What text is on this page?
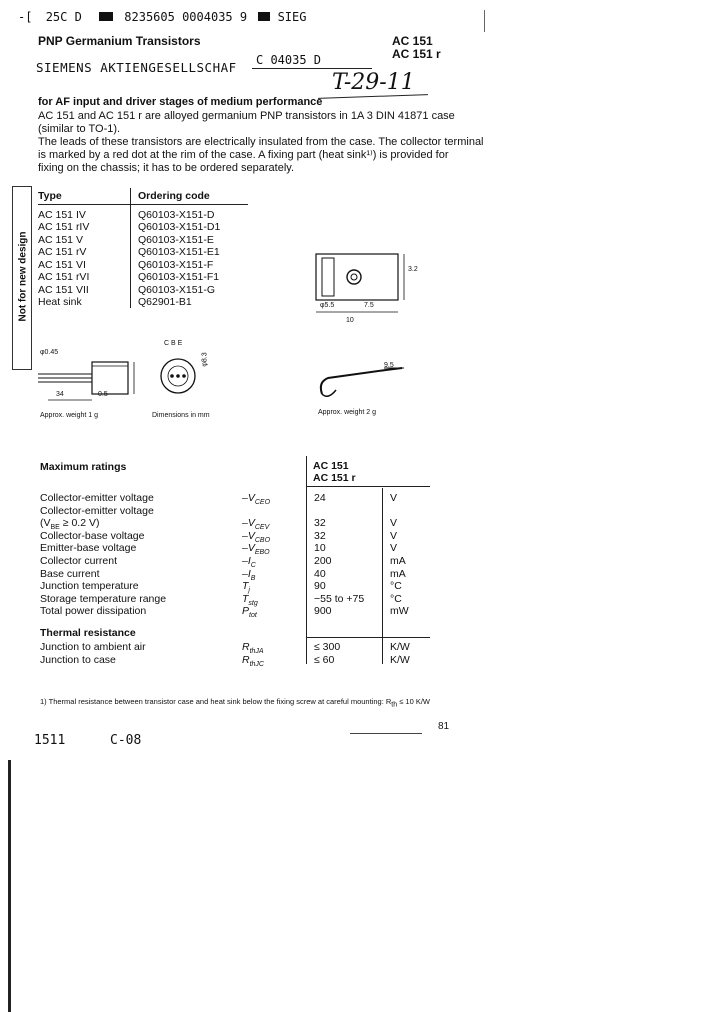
-[ 25C D	8235605 0004035 9	SIEG
PNP Germanium Transistors	AC 151
AC 151 r
SIEMENS AKTIENGESELLSCHAF C 04035 D
T-29-11
for AF input and driver stages of medium performance
AC 151 and AC 151 r are alloyed germanium PNP transistors in 1A 3 DIN 41871 case
(similar to TO-1).
The leads of these transistors are electrically insulated from the case. The collector terminal
is marked by a red dot at the rim of the case. A fixing part (heat sink¹⁾) is provided for
fixing on the chassis; it has to be ordered separately.
Not for new design
Type	Ordering code
AC 151 IV	Q60103-X151-D
AC 151 rIV	Q60103-X151-D1
AC 151 V	Q60103-X151-E
AC 151 rV	Q60103-X151-E1
AC 151 VI	Q60103-X151-F
AC 151 rVI	Q60103-X151-F1
AC 151 VII	Q60103-X151-G
Heat sink	Q62901-B1	φ5.5	7.5
10
3.2
9.5
Approx. weight 2 g
φ0.45
34	0.5
Approx. weight 1 g
C B E
φ8.3
Dimensions in mm
Maximum ratings	AC 151
AC 151 r
Collector-emitter voltage	$-V_{CEO}$	24	V
Collector-emitter voltage
($V_{BE} \ge 0.2$ V)	$-V_{CEV}$	32	V
Collector-base voltage	$-V_{CBO}$	32	V
Emitter-base voltage	$-V_{EBO}$	10	V
Collector current	$-I_C$	200	mA
Base current	$-I_B$	40	mA
Junction temperature	$T_j$	90	°C
Storage temperature range	$T_{stg}$	−55 to +75 °C
Total power dissipation	$P_{tot}$	900	mW
Thermal resistance
Junction to ambient air	$R_{thJA}$	≤ 300	K/W
Junction to case	$R_{thJC}$	≤ 60	K/W
1) Thermal resistance between transistor case and heat sink below the fixing screw at careful mounting: $R_{th} \le 10$ K/W
81
1511	C-08
